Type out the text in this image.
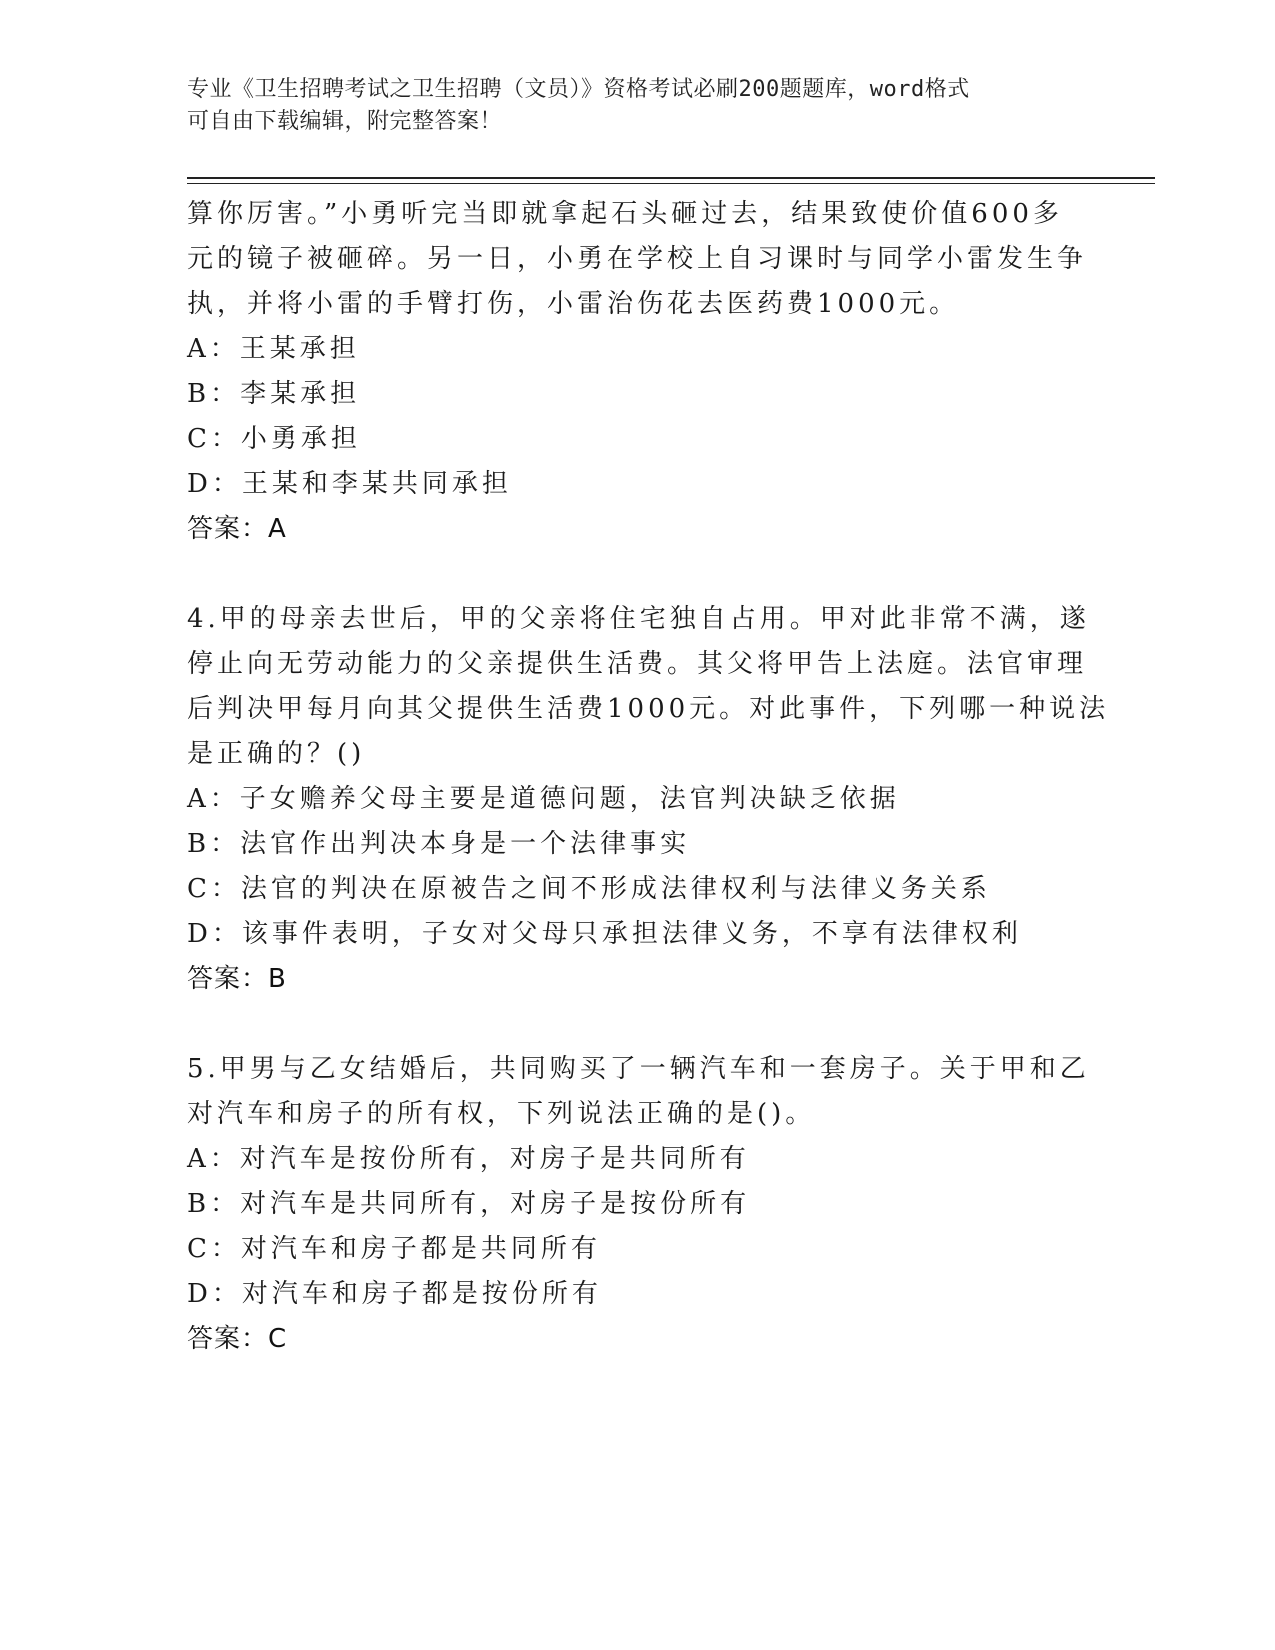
专业《卫生招聘考试之卫生招聘（文员）》资格考试必刷200题题库，word格式
可自由下载编辑，附完整答案！
算你厉害。”小勇听完当即就拿起石头砸过去，结果致使价值600多
元的镜子被砸碎。另一日，小勇在学校上自习课时与同学小雷发生争
执，并将小雷的手臂打伤，小雷治伤花去医药费1000元。
A：王某承担
B：李某承担
C：小勇承担
D：王某和李某共同承担
答案：A
4.甲的母亲去世后，甲的父亲将住宅独自占用。甲对此非常不满，遂
停止向无劳动能力的父亲提供生活费。其父将甲告上法庭。法官审理
后判决甲每月向其父提供生活费1000元。对此事件，下列哪一种说法
是正确的？()
A：子女赡养父母主要是道德问题，法官判决缺乏依据
B：法官作出判决本身是一个法律事实
C：法官的判决在原被告之间不形成法律权利与法律义务关系
D：该事件表明，子女对父母只承担法律义务，不享有法律权利
答案：B
5.甲男与乙女结婚后，共同购买了一辆汽车和一套房子。关于甲和乙
对汽车和房子的所有权，下列说法正确的是()。
A：对汽车是按份所有，对房子是共同所有
B：对汽车是共同所有，对房子是按份所有
C：对汽车和房子都是共同所有
D：对汽车和房子都是按份所有
答案：C
